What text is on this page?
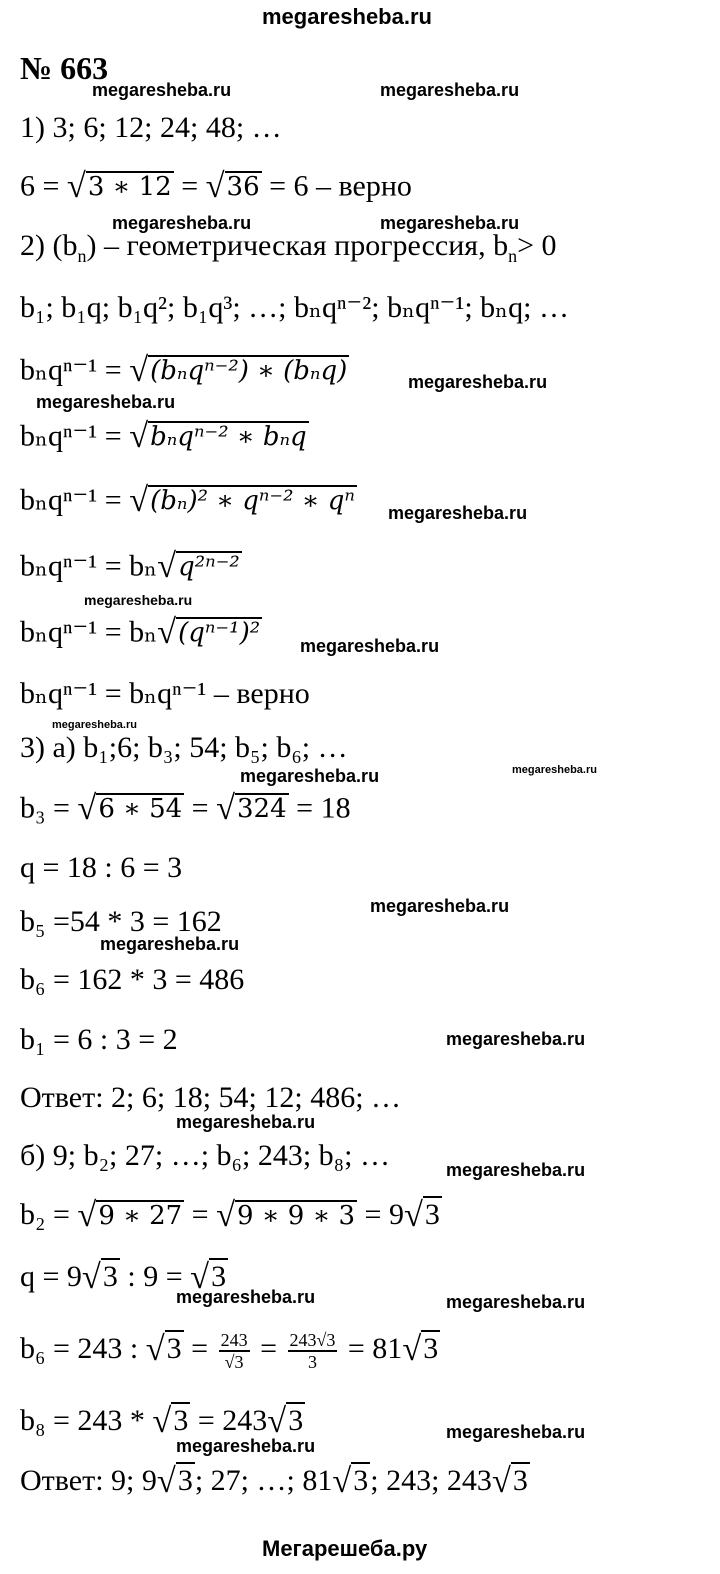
megaresheba.ru
megaresheba.ru	megaresheba.ru
megaresheba.ru	megaresheba.ru
megaresheba.ru
megaresheba.ru
megaresheba.ru
megaresheba.ru
megaresheba.ru
megaresheba.ru
megaresheba.ru	megaresheba.ru
megaresheba.ru
megaresheba.ru
megaresheba.ru
megaresheba.ru
megaresheba.ru
megaresheba.ru	megaresheba.ru
megaresheba.ru
megaresheba.ru
№ 663
1) 3; 6; 12; 24; 48; …
6 = √3 ∗ 12 = √36 = 6 – верно
2) $(b_n)$ – геометрическая прогрессия, $b_n> 0$
b₁; b₁q; b₁q²; b₁q³; …; bₙqⁿ⁻²; bₙqⁿ⁻¹; bₙq; …
bₙqⁿ⁻¹ = √(bₙqⁿ⁻²) ∗ (bₙq)
bₙqⁿ⁻¹ = √bₙqⁿ⁻² ∗ bₙq
bₙqⁿ⁻¹ = √(bₙ)² ∗ qⁿ⁻² ∗ qⁿ
bₙqⁿ⁻¹ = bₙ√q²ⁿ⁻²
bₙqⁿ⁻¹ = bₙ√(qⁿ⁻¹)²
bₙqⁿ⁻¹ = bₙqⁿ⁻¹ – верно
3) а) b₁;6; b₃; 54; b₅; b₆; …
b₃ = √6 ∗ 54 = √324 = 18
q = 18 : 6 = 3
b₅ =54 * 3 = 162
b₆ = 162 * 3 = 486
b₁ = 6 : 3 = 2
Ответ: 2; 6; 18; 54; 12; 486; …
б) 9; b₂; 27; …; b₆; 243; b₈; …
b₂ = √9 ∗ 27 = √9 ∗ 9 ∗ 3 = 9√3
q = 9√3 : 9 = √3
b₆ = 243 : $√3 = \frac{243}{√3} = \frac{243√3}{3} = 81√3$
b₈ = 243 * √3 = 243√3
Ответ: 9; 9√3; 27; …; 81√3; 243; 243√3
Мегарешеба.ру
